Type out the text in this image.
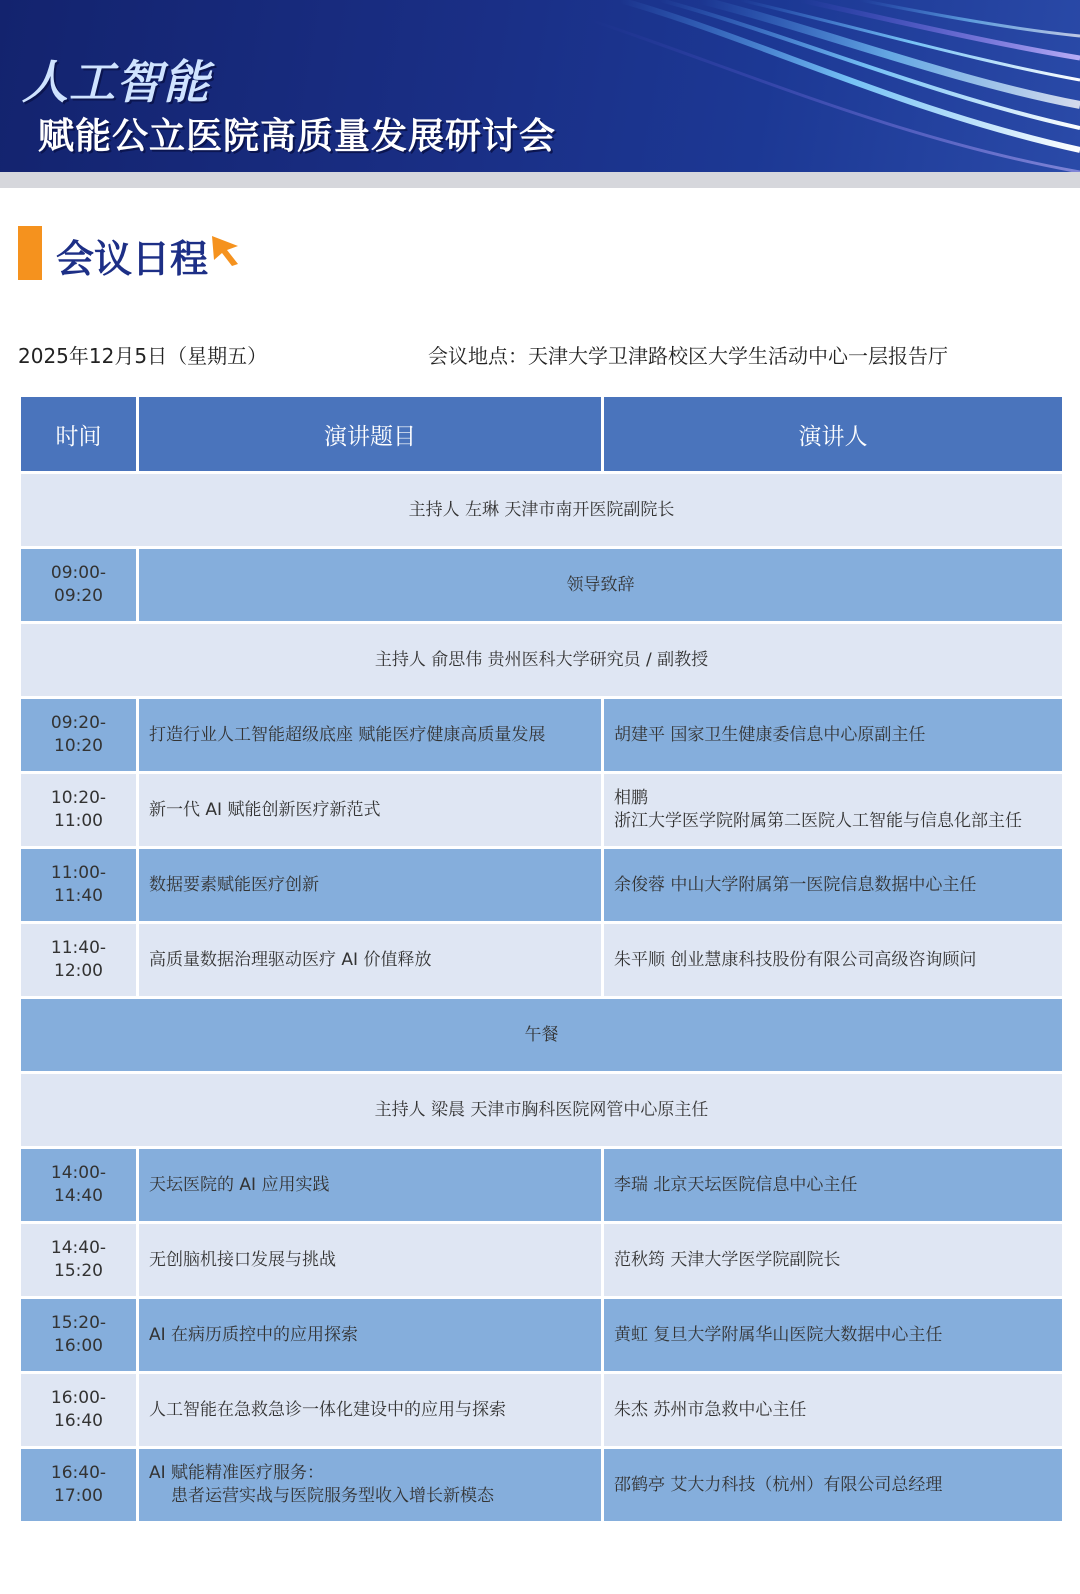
人工智能
赋能公立医院高质量发展研讨会
会议日程
2025年12月5日（星期五）	会议地点：天津大学卫津路校区大学生活动中心一层报告厅
时间	演讲题目	演讲人
主持人 左琳 天津市南开医院副院长		
09:00-09:20	领导致辞	
主持人 俞思伟 贵州医科大学研究员 / 副教授		
09:20-10:20	打造行业人工智能超级底座 赋能医疗健康高质量发展	胡建平 国家卫生健康委信息中心原副主任
10:20-11:00	新一代 AI 赋能创新医疗新范式	相鹏
浙江大学医学院附属第二医院人工智能与信息化部主任

11:00-11:40	数据要素赋能医疗创新	余俊蓉 中山大学附属第一医院信息数据中心主任
11:40-12:00	高质量数据治理驱动医疗 AI 价值释放	朱平顺 创业慧康科技股份有限公司高级咨询顾问
午餐		
主持人 梁晨 天津市胸科医院网管中心原主任		
14:00-14:40	天坛医院的 AI 应用实践	李瑞 北京天坛医院信息中心主任
14:40-15:20	无创脑机接口发展与挑战	范秋筠 天津大学医学院副院长
15:20-16:00	AI 在病历质控中的应用探索	黄虹 复旦大学附属华山医院大数据中心主任
16:00-16:40	人工智能在急救急诊一体化建设中的应用与探索	朱杰 苏州市急救中心主任
16:40-17:00	AI 赋能精准医疗服务：
患者运营实战与医院服务型收入增长新模态	邵鹤亭 艾大力科技（杭州）有限公司总经理
